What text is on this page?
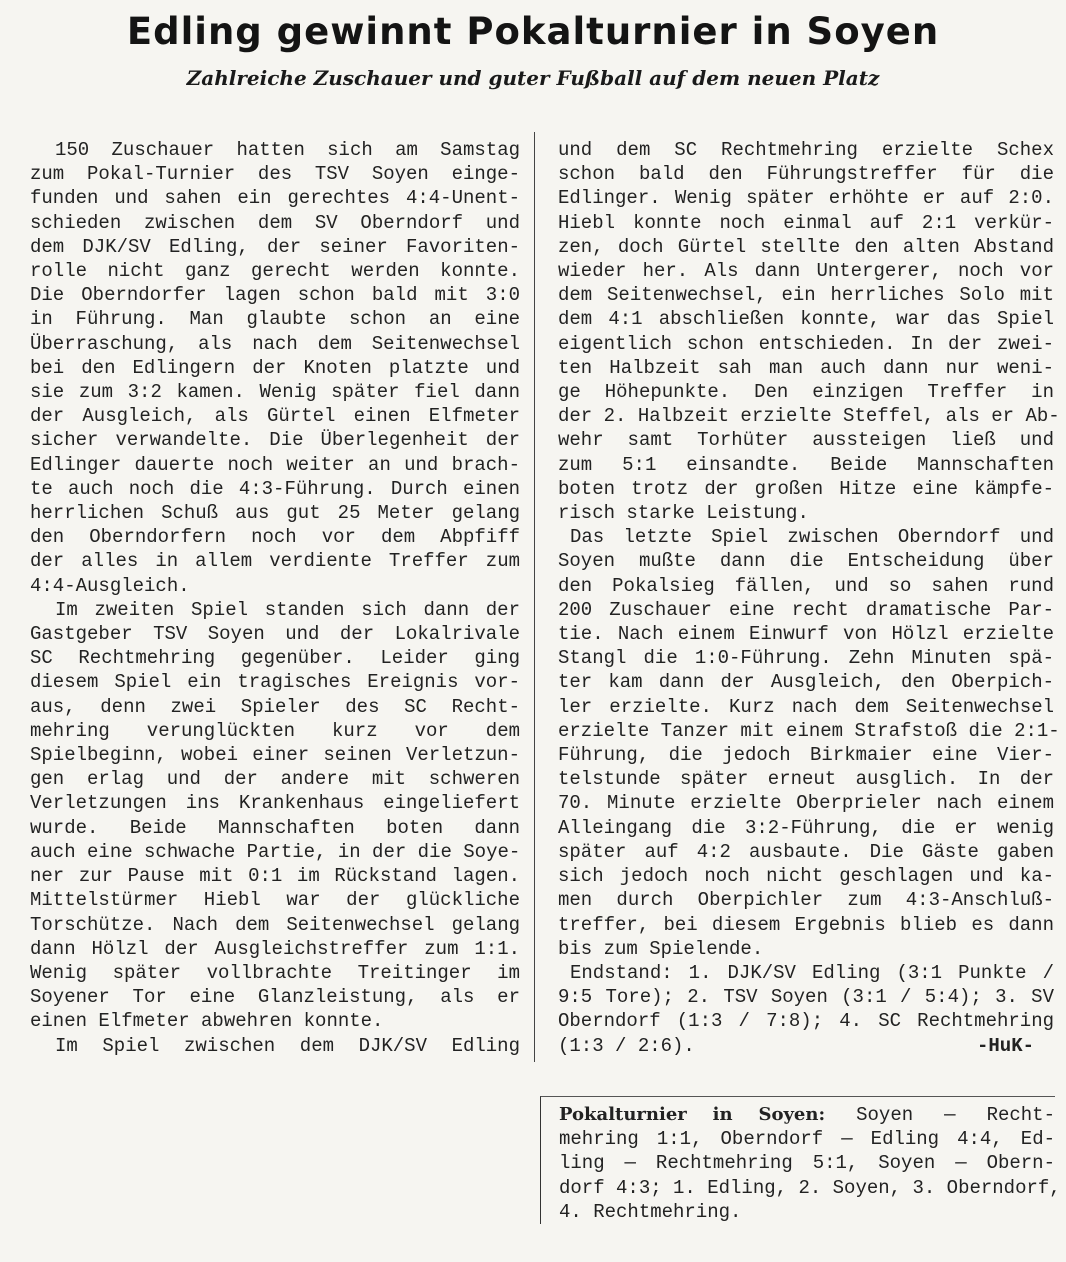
Edling gewinnt Pokalturnier in Soyen
Zahlreiche Zuschauer und guter Fußball auf dem neuen Platz
150 Zuschauer hatten sich am Samstag
zum Pokal-Turnier des TSV Soyen einge-
funden und sahen ein gerechtes 4:4-Unent-
schieden zwischen dem SV Oberndorf und
dem DJK/SV Edling, der seiner Favoriten-
rolle nicht ganz gerecht werden konnte.
Die Oberndorfer lagen schon bald mit 3:0
in Führung. Man glaubte schon an eine
Überraschung, als nach dem Seitenwechsel
bei den Edlingern der Knoten platzte und
sie zum 3:2 kamen. Wenig später fiel dann
der Ausgleich, als Gürtel einen Elfmeter
sicher verwandelte. Die Überlegenheit der
Edlinger dauerte noch weiter an und brach-
te auch noch die 4:3-Führung. Durch einen
herrlichen Schuß aus gut 25 Meter gelang
den Oberndorfern noch vor dem Abpfiff
der alles in allem verdiente Treffer zum
4:4-Ausgleich.
Im zweiten Spiel standen sich dann der
Gastgeber TSV Soyen und der Lokalrivale
SC Rechtmehring gegenüber. Leider ging
diesem Spiel ein tragisches Ereignis vor-
aus, denn zwei Spieler des SC Recht-
mehring verunglückten kurz vor dem
Spielbeginn, wobei einer seinen Verletzun-
gen erlag und der andere mit schweren
Verletzungen ins Krankenhaus eingeliefert
wurde. Beide Mannschaften boten dann
auch eine schwache Partie, in der die Soye-
ner zur Pause mit 0:1 im Rückstand lagen.
Mittelstürmer Hiebl war der glückliche
Torschütze. Nach dem Seitenwechsel gelang
dann Hölzl der Ausgleichstreffer zum 1:1.
Wenig später vollbrachte Treitinger im
Soyener Tor eine Glanzleistung, als er
einen Elfmeter abwehren konnte.
Im Spiel zwischen dem DJK/SV Edling
und dem SC Rechtmehring erzielte Schex
schon bald den Führungstreffer für die
Edlinger. Wenig später erhöhte er auf 2:0.
Hiebl konnte noch einmal auf 2:1 verkür-
zen, doch Gürtel stellte den alten Abstand
wieder her. Als dann Untergerer, noch vor
dem Seitenwechsel, ein herrliches Solo mit
dem 4:1 abschließen konnte, war das Spiel
eigentlich schon entschieden. In der zwei-
ten Halbzeit sah man auch dann nur weni-
ge Höhepunkte. Den einzigen Treffer in
der 2. Halbzeit erzielte Steffel, als er Ab-
wehr samt Torhüter aussteigen ließ und
zum 5:1 einsandte. Beide Mannschaften
boten trotz der großen Hitze eine kämpfe-
risch starke Leistung.
Das letzte Spiel zwischen Oberndorf und
Soyen mußte dann die Entscheidung über
den Pokalsieg fällen, und so sahen rund
200 Zuschauer eine recht dramatische Par-
tie. Nach einem Einwurf von Hölzl erzielte
Stangl die 1:0-Führung. Zehn Minuten spä-
ter kam dann der Ausgleich, den Oberpich-
ler erzielte. Kurz nach dem Seitenwechsel
erzielte Tanzer mit einem Strafstoß die 2:1-
Führung, die jedoch Birkmaier eine Vier-
telstunde später erneut ausglich. In der
70. Minute erzielte Oberprieler nach einem
Alleingang die 3:2-Führung, die er wenig
später auf 4:2 ausbaute. Die Gäste gaben
sich jedoch noch nicht geschlagen und ka-
men durch Oberpichler zum 4:3-Anschluß-
treffer, bei diesem Ergebnis blieb es dann
bis zum Spielende.
Endstand: 1. DJK/SV Edling (3:1 Punkte /
9:5 Tore); 2. TSV Soyen (3:1 / 5:4); 3. SV
Oberndorf (1:3 / 7:8); 4. SC Rechtmehring
(1:3 / 2:6).	-HuK-
Pokalturnier in Soyen: Soyen — Recht-
mehring 1:1, Oberndorf — Edling 4:4, Ed-
ling — Rechtmehring 5:1, Soyen — Obern-
dorf 4:3; 1. Edling, 2. Soyen, 3. Oberndorf,
4. Rechtmehring.
